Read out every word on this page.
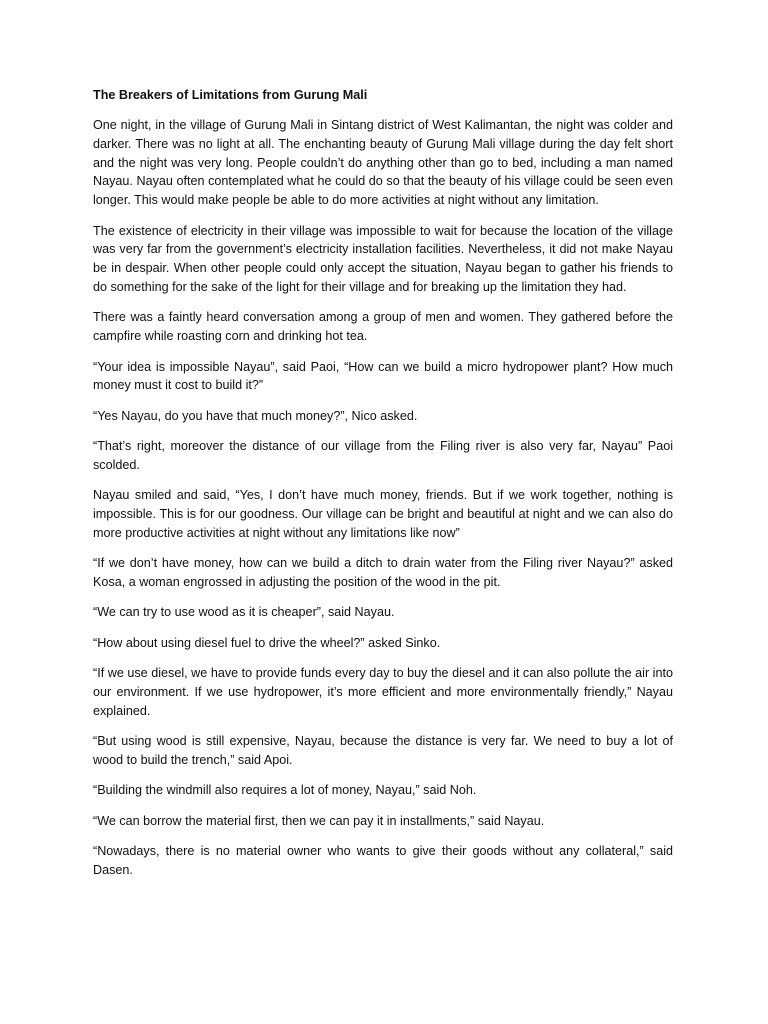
The Breakers of Limitations from Gurung Mali

One night, in the village of Gurung Mali in Sintang district of West Kalimantan, the night was colder and darker. There was no light at all. The enchanting beauty of Gurung Mali village during the day felt short and the night was very long. People couldn’t do anything other than go to bed, including a man named Nayau. Nayau often contemplated what he could do so that the beauty of his village could be seen even longer. This would make people be able to do more activities at night without any limitation.

The existence of electricity in their village was impossible to wait for because the location of the village was very far from the government’s electricity installation facilities. Nevertheless, it did not make Nayau be in despair. When other people could only accept the situation, Nayau began to gather his friends to do something for the sake of the light for their village and for breaking up the limitation they had.

There was a faintly heard conversation among a group of men and women. They gathered before the campfire while roasting corn and drinking hot tea.

“Your idea is impossible Nayau”, said Paoi, “How can we build a micro hydropower plant? How much money must it cost to build it?”

“Yes Nayau, do you have that much money?”, Nico asked.

“That’s right, moreover the distance of our village from the Filing river is also very far, Nayau” Paoi scolded.

Nayau smiled and said, “Yes, I don’t have much money, friends. But if we work together, nothing is impossible. This is for our goodness. Our village can be bright and beautiful at night and we can also do more productive activities at night without any limitations like now”

“If we don’t have money, how can we build a ditch to drain water from the Filing river Nayau?” asked Kosa, a woman engrossed in adjusting the position of the wood in the pit.

“We can try to use wood as it is cheaper”, said Nayau.

“How about using diesel fuel to drive the wheel?” asked Sinko.

“If we use diesel, we have to provide funds every day to buy the diesel and it can also pollute the air into our environment. If we use hydropower, it’s more efficient and more environmentally friendly,” Nayau explained.

“But using wood is still expensive, Nayau, because the distance is very far. We need to buy a lot of wood to build the trench,” said Apoi.

“Building the windmill also requires a lot of money, Nayau,” said Noh.

“We can borrow the material first, then we can pay it in installments,” said Nayau.

“Nowadays, there is no material owner who wants to give their goods without any collateral,” said Dasen.
